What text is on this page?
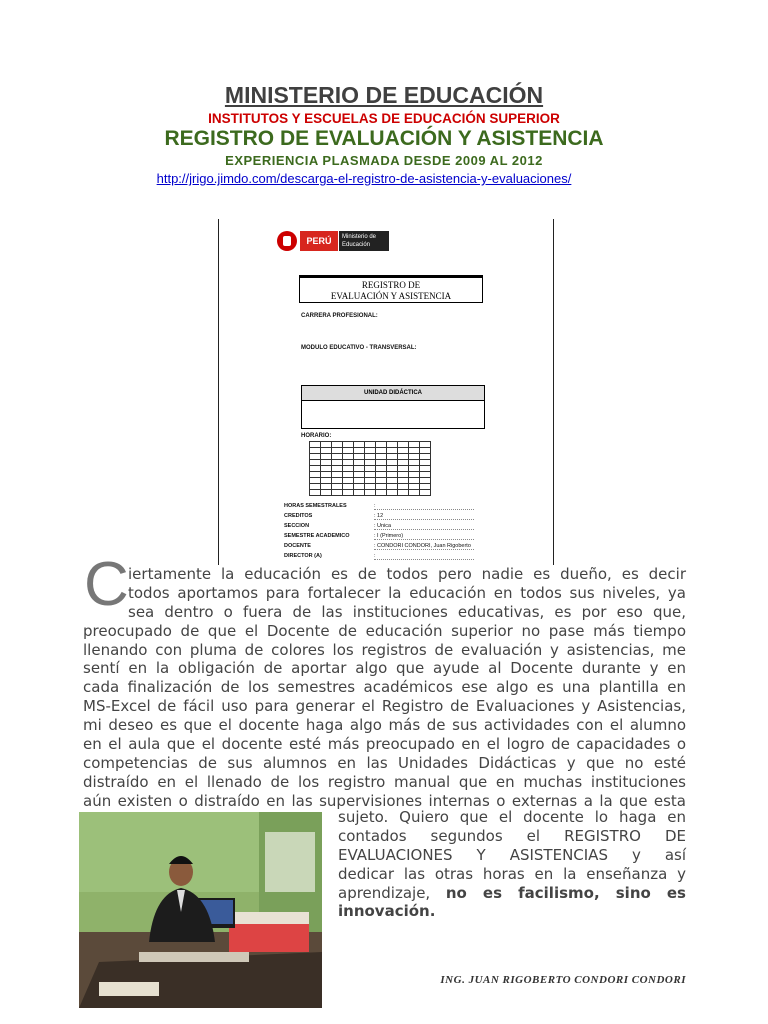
MINISTERIO DE EDUCACIÓN
INSTITUTOS Y ESCUELAS DE EDUCACIÓN SUPERIOR
REGISTRO DE EVALUACIÓN Y ASISTENCIA
EXPERIENCIA PLASMADA DESDE 2009 AL 2012
http://jrigo.jimdo.com/descarga-el-registro-de-asistencia-y-evaluaciones/
PERÚ	Ministerio de Educación
REGISTRO DE
EVALUACIÓN Y ASISTENCIA
CARRERA PROFESIONAL:
MODULO EDUCATIVO - TRANSVERSAL:
UNIDAD DIDÁCTICA
HORARIO:

HORAS SEMESTRALES	:
CREDITOS	: 12
SECCION	: Unica
SEMESTRE ACADEMICO	: I (Primero)
DOCENTE	: CONDORI CONDORI, Juan Rigoberto
DIRECTOR (A)	:
C iertamente la educación es de todos pero nadie es dueño, es decir
todos aportamos para fortalecer la educación en todos sus niveles, ya
sea dentro o fuera de las instituciones educativas, es por eso que,
preocupado de que el Docente de educación superior no pase más tiempo
llenando con pluma de colores los registros de evaluación y asistencias, me
sentí en la obligación de aportar algo que ayude al Docente durante y en
cada finalización de los semestres académicos ese algo es una plantilla en
MS-Excel de fácil uso para generar el Registro de Evaluaciones y Asistencias,
mi deseo es que el docente haga algo más de sus actividades con el alumno
en el aula que el docente esté más preocupado en el logro de capacidades o
competencias de sus alumnos en las Unidades Didácticas y que no esté
distraído en el llenado de los registro manual que en muchas instituciones
aún existen o distraído en las supervisiones internas o externas a la que esta
sujeto. Quiero que el docente lo haga en
contados segundos el REGISTRO DE
EVALUACIONES Y ASISTENCIAS y así
dedicar las otras horas en la enseñanza y
aprendizaje, no es facilismo, sino es
innovación.
ING. JUAN RIGOBERTO CONDORI CONDORI
